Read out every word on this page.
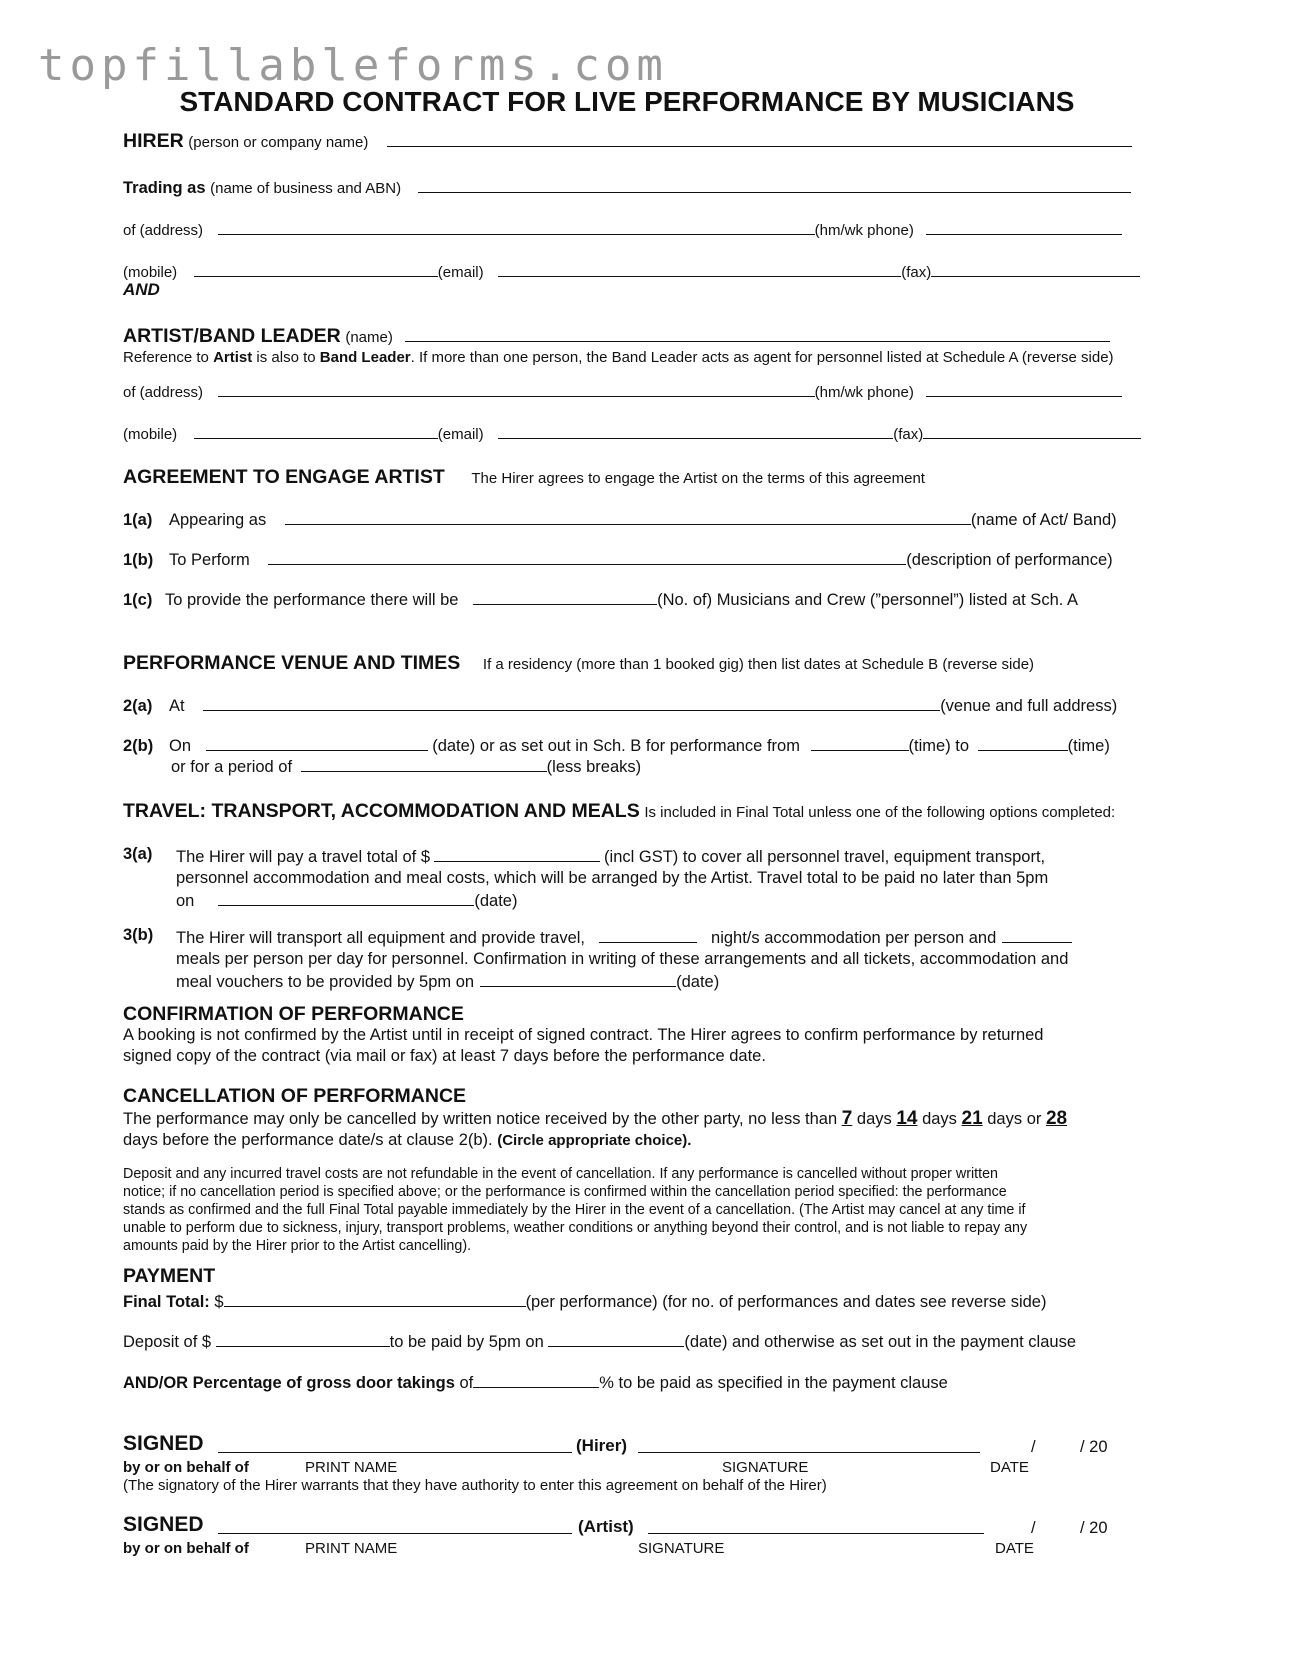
topfillableforms.com
STANDARD CONTRACT FOR LIVE PERFORMANCE BY MUSICIANS
HIRER (person or company name)
Trading as (name of business and ABN)
of (address)	(hm/wk phone)
(mobile)	(email)	(fax)
AND
ARTIST/BAND LEADER (name)
Reference to Artist is also to Band Leader. If more than one person, the Band Leader acts as agent for personnel listed at Schedule A (reverse side)
of (address)	(hm/wk phone)
(mobile)	(email)	(fax)
AGREEMENT TO ENGAGE ARTIST The Hirer agrees to engage the Artist on the terms of this agreement
1(a) Appearing as	(name of Act/ Band)
1(b) To Perform	(description of performance)
1(c) To provide the performance there will be	(No. of) Musicians and Crew (”personnel”) listed at Sch. A
PERFORMANCE VENUE AND TIMES If a residency (more than 1 booked gig) then list dates at Schedule B (reverse side)
2(a) At	(venue and full address)
2(b) On	(date) or as set out in Sch. B for performance from	(time) to	(time)
or for a period of	(less breaks)
TRAVEL: TRANSPORT, ACCOMMODATION AND MEALS Is included in Final Total unless one of the following options completed:
3(a)	The Hirer will pay a travel total of $	(incl GST) to cover all personnel travel, equipment transport,
personnel accommodation and meal costs, which will be arranged by the Artist. Travel total to be paid no later than 5pm
on	(date)
3(b)	The Hirer will transport all equipment and provide travel,	night/s accommodation per person and
meals per person per day for personnel. Confirmation in writing of these arrangements and all tickets, accommodation and
meal vouchers to be provided by 5pm on	(date)
CONFIRMATION OF PERFORMANCE
A booking is not confirmed by the Artist until in receipt of signed contract. The Hirer agrees to confirm performance by returned
signed copy of the contract (via mail or fax) at least 7 days before the performance date.
CANCELLATION OF PERFORMANCE
The performance may only be cancelled by written notice received by the other party, no less than 7 days 14 days 21 days or 28
days before the performance date/s at clause 2(b). (Circle appropriate choice).
Deposit and any incurred travel costs are not refundable in the event of cancellation. If any performance is cancelled without proper written
notice; if no cancellation period is specified above; or the performance is confirmed within the cancellation period specified: the performance
stands as confirmed and the full Final Total payable immediately by the Hirer in the event of a cancellation. (The Artist may cancel at any time if
unable to perform due to sickness, injury, transport problems, weather conditions or anything beyond their control, and is not liable to repay any
amounts paid by the Hirer prior to the Artist cancelling).
PAYMENT
Final Total: $	(per performance) (for no. of performances and dates see reverse side)
Deposit of $	to be paid by 5pm on	(date) and otherwise as set out in the payment clause
AND/OR Percentage of gross door takings of	% to be paid as specified in the payment clause
SIGNED	(Hirer)	/	/ 20
by or on behalf of	PRINT NAME	SIGNATURE	DATE
(The signatory of the Hirer warrants that they have authority to enter this agreement on behalf of the Hirer)
SIGNED	(Artist)	/	/ 20
by or on behalf of	PRINT NAME	SIGNATURE	DATE
